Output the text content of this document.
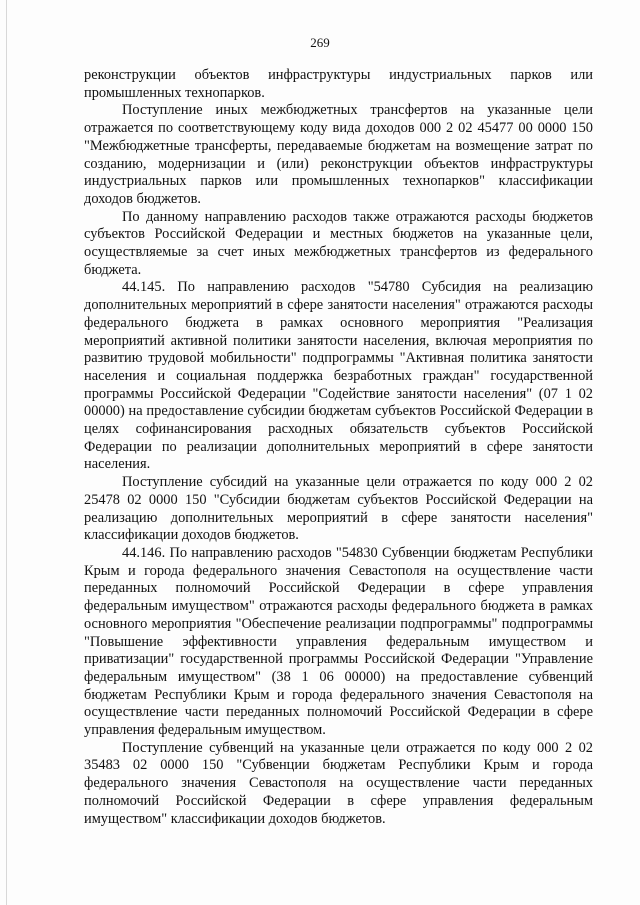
269

реконструкции объектов инфраструктуры индустриальных парков или промышленных технопарков.

Поступление иных межбюджетных трансфертов на указанные цели отражается по соответствующему коду вида доходов 000 2 02 45477 00 0000 150 "Межбюджетные трансферты, передаваемые бюджетам на возмещение затрат по созданию, модернизации и (или) реконструкции объектов инфраструктуры индустриальных парков или промышленных технопарков" классификации доходов бюджетов.

По данному направлению расходов также отражаются расходы бюджетов субъектов Российской Федерации и местных бюджетов на указанные цели, осуществляемые за счет иных межбюджетных трансфертов из федерального бюджета.

44.145. По направлению расходов "54780 Субсидия на реализацию дополнительных мероприятий в сфере занятости населения" отражаются расходы федерального бюджета в рамках основного мероприятия "Реализация мероприятий активной политики занятости населения, включая мероприятия по развитию трудовой мобильности" подпрограммы "Активная политика занятости населения и социальная поддержка безработных граждан" государственной программы Российской Федерации "Содействие занятости населения" (07 1 02 00000) на предоставление субсидии бюджетам субъектов Российской Федерации в целях софинансирования расходных обязательств субъектов Российской Федерации по реализации дополнительных мероприятий в сфере занятости населения.

Поступление субсидий на указанные цели отражается по коду 000 2 02 25478 02 0000 150 "Субсидии бюджетам субъектов Российской Федерации на реализацию дополнительных мероприятий в сфере занятости населения" классификации доходов бюджетов.

44.146. По направлению расходов "54830 Субвенции бюджетам Республики Крым и города федерального значения Севастополя на осуществление части переданных полномочий Российской Федерации в сфере управления федеральным имуществом" отражаются расходы федерального бюджета в рамках основного мероприятия "Обеспечение реализации подпрограммы" подпрограммы "Повышение эффективности управления федеральным имуществом и приватизации" государственной программы Российской Федерации "Управление федеральным имуществом" (38 1 06 00000) на предоставление субвенций бюджетам Республики Крым и города федерального значения Севастополя на осуществление части переданных полномочий Российской Федерации в сфере управления федеральным имуществом.

Поступление субвенций на указанные цели отражается по коду 000 2 02 35483 02 0000 150 "Субвенции бюджетам Республики Крым и города федерального значения Севастополя на осуществление части переданных полномочий Российской Федерации в сфере управления федеральным имуществом" классификации доходов бюджетов.
